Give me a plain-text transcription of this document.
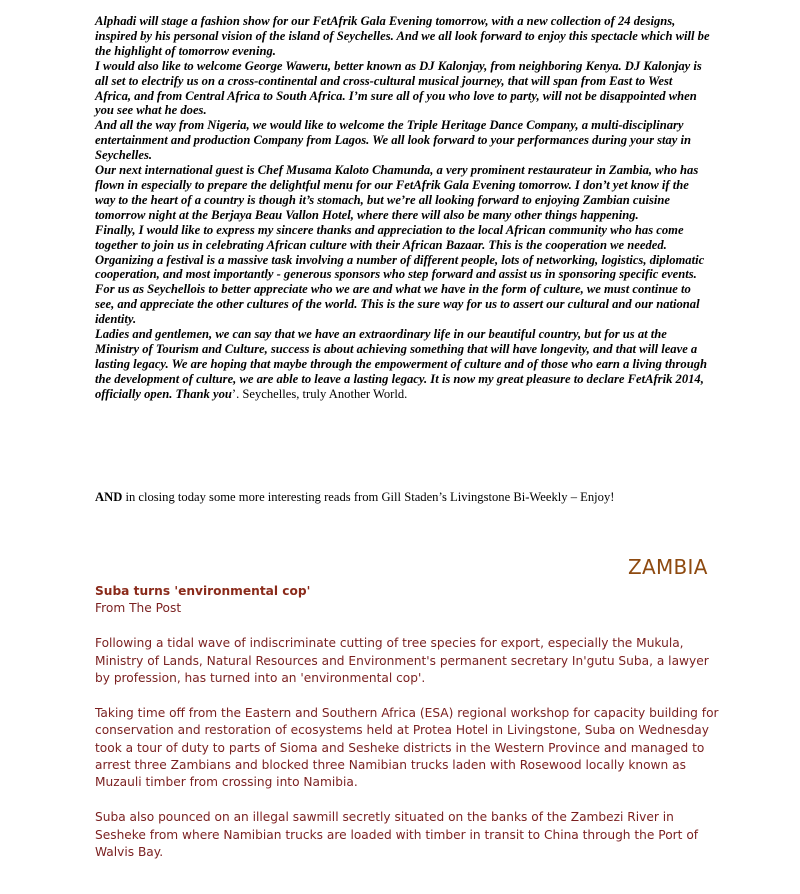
Alphadi will stage a fashion show for our FetAfrik Gala Evening tomorrow, with a new collection of 24 designs, inspired by his personal vision of the island of Seychelles. And we all look forward to enjoy this spectacle which will be the highlight of tomorrow evening.

I would also like to welcome George Waweru, better known as DJ Kalonjay, from neighboring Kenya. DJ Kalonjay is all set to electrify us on a cross-continental and cross-cultural musical journey, that will span from East to West Africa, and from Central Africa to South Africa. I’m sure all of you who love to party, will not be disappointed when you see what he does.

And all the way from Nigeria, we would like to welcome the Triple Heritage Dance Company, a multi-disciplinary entertainment and production Company from Lagos. We all look forward to your performances during your stay in Seychelles.

Our next international guest is Chef Musama Kaloto Chamunda, a very prominent restaurateur in Zambia, who has flown in especially to prepare the delightful menu for our FetAfrik Gala Evening tomorrow. I don’t yet know if the way to the heart of a country is though it’s stomach, but we’re all looking forward to enjoying Zambian cuisine tomorrow night at the Berjaya Beau Vallon Hotel, where there will also be many other things happening.

Finally, I would like to express my sincere thanks and appreciation to the local African community who has come together to join us in celebrating African culture with their African Bazaar. This is the cooperation we needed.

Organizing a festival is a massive task involving a number of different people, lots of networking, logistics, diplomatic cooperation, and most importantly - generous sponsors who step forward and assist us in sponsoring specific events. For us as Seychellois to better appreciate who we are and what we have in the form of culture, we must continue to see, and appreciate the other cultures of the world. This is the sure way for us to assert our cultural and our national identity.

Ladies and gentlemen, we can say that we have an extraordinary life in our beautiful country, but for us at the Ministry of Tourism and Culture, success is about achieving something that will have longevity, and that will leave a lasting legacy. We are hoping that maybe through the empowerment of culture and of those who earn a living through the development of culture, we are able to leave a lasting legacy. It is now my great pleasure to declare FetAfrik 2014, officially open. Thank you’. Seychelles, truly Another World.

AND in closing today some more interesting reads from Gill Staden’s Livingstone Bi-Weekly – Enjoy!
ZAMBIA
Suba turns 'environmental cop'
From The Post

Following a tidal wave of indiscriminate cutting of tree species for export, especially the Mukula, Ministry of Lands, Natural Resources and Environment's permanent secretary In'gutu Suba, a lawyer by profession, has turned into an 'environmental cop'.

Taking time off from the Eastern and Southern Africa (ESA) regional workshop for capacity building for conservation and restoration of ecosystems held at Protea Hotel in Livingstone, Suba on Wednesday took a tour of duty to parts of Sioma and Sesheke districts in the Western Province and managed to arrest three Zambians and blocked three Namibian trucks laden with Rosewood locally known as Muzauli timber from crossing into Namibia.

Suba also pounced on an illegal sawmill secretly situated on the banks of the Zambezi River in Sesheke from where Namibian trucks are loaded with timber in transit to China through the Port of Walvis Bay.
